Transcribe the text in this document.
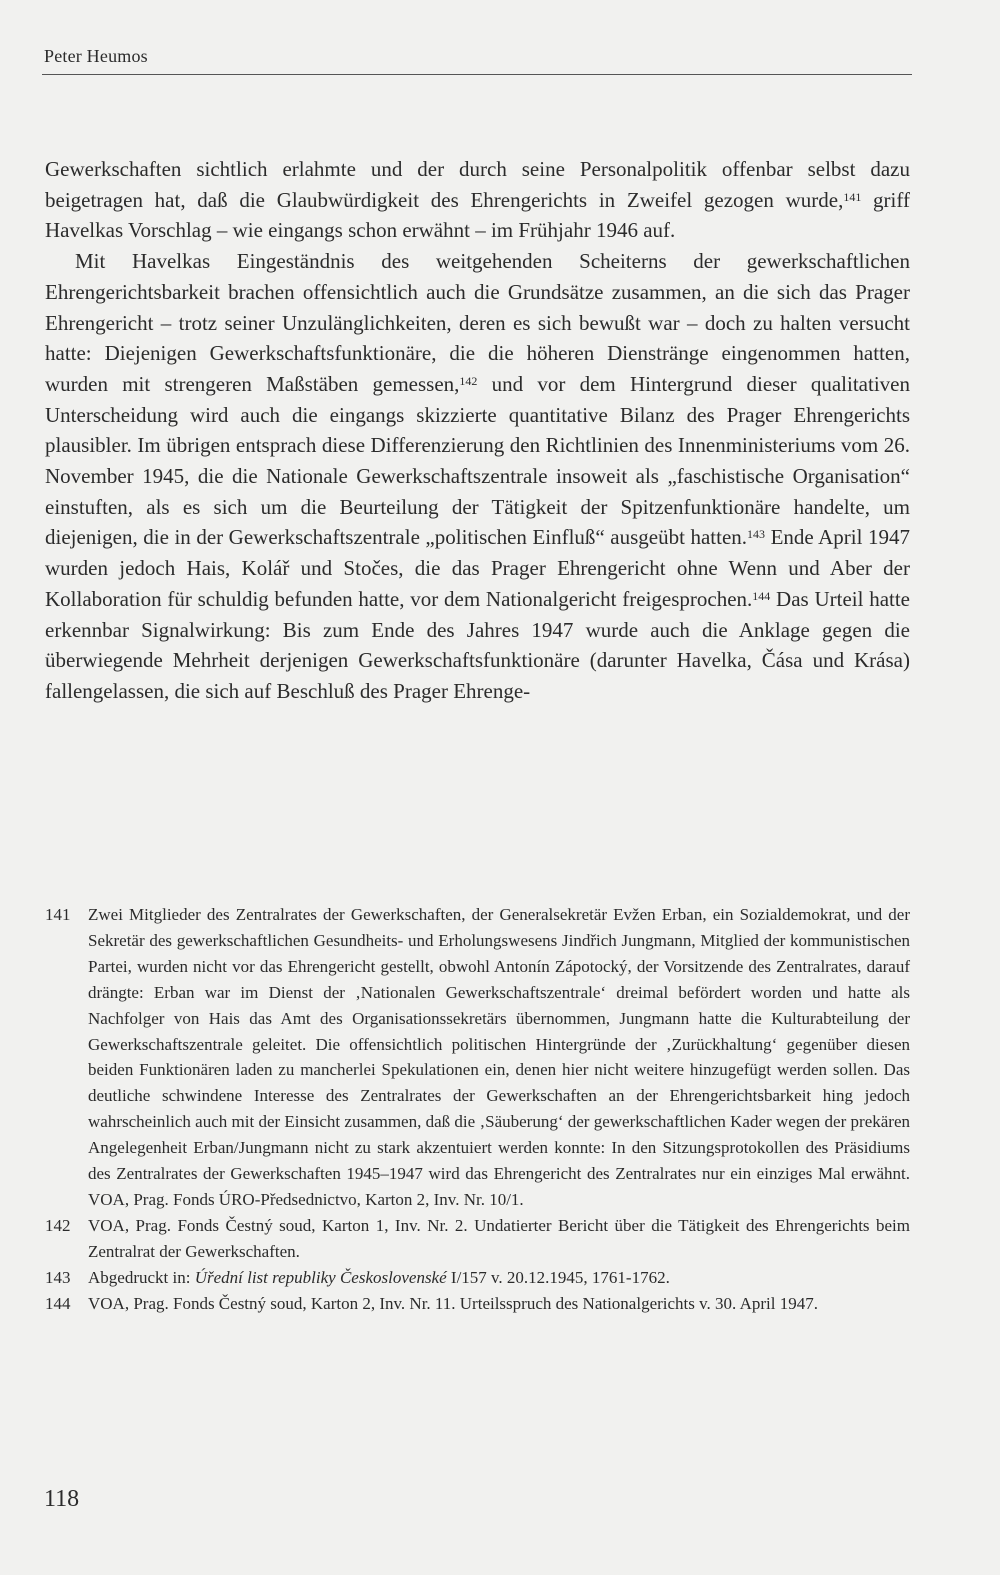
Peter Heumos

Gewerkschaften sichtlich erlahmte und der durch seine Personalpolitik offenbar selbst dazu beigetragen hat, daß die Glaubwürdigkeit des Ehrengerichts in Zweifel gezogen wurde,$^{141}$ griff Havelkas Vorschlag – wie eingangs schon erwähnt – im Frühjahr 1946 auf.

Mit Havelkas Eingeständnis des weitgehenden Scheiterns der gewerkschaftlichen Ehrengerichtsbarkeit brachen offensichtlich auch die Grundsätze zusammen, an die sich das Prager Ehrengericht – trotz seiner Unzulänglichkeiten, deren es sich bewußt war – doch zu halten versucht hatte: Diejenigen Gewerkschaftsfunktionäre, die die höheren Dienstränge eingenommen hatten, wurden mit strengeren Maßstäben gemessen,$^{142}$ und vor dem Hintergrund dieser qualitativen Unterscheidung wird auch die eingangs skizzierte quantitative Bilanz des Prager Ehrengerichts plausibler. Im übrigen entsprach diese Differenzierung den Richtlinien des Innenministeriums vom 26. November 1945, die die Nationale Gewerkschaftszentrale insoweit als „faschistische Organisation“ einstuften, als es sich um die Beurteilung der Tätigkeit der Spitzenfunktionäre handelte, um diejenigen, die in der Gewerkschaftszentrale „politischen Einfluß“ ausgeübt hatten.$^{143}$ Ende April 1947 wurden jedoch Hais, Kolář und Stočes, die das Prager Ehrengericht ohne Wenn und Aber der Kollaboration für schuldig befunden hatte, vor dem Nationalgericht freigesprochen.$^{144}$ Das Urteil hatte erkennbar Signalwirkung: Bis zum Ende des Jahres 1947 wurde auch die Anklage gegen die überwiegende Mehrheit derjenigen Gewerkschaftsfunktionäre (darunter Havelka, Čása und Krása) fallengelassen, die sich auf Beschluß des Prager Ehrenge-

141 Zwei Mitglieder des Zentralrates der Gewerkschaften, der Generalsekretär Evžen Erban, ein Sozialdemokrat, und der Sekretär des gewerkschaftlichen Gesundheits- und Erholungswesens Jindřich Jungmann, Mitglied der kommunistischen Partei, wurden nicht vor das Ehrengericht gestellt, obwohl Antonín Zápotocký, der Vorsitzende des Zentralrates, darauf drängte: Erban war im Dienst der ‚Nationalen Gewerkschaftszentrale‘ dreimal befördert worden und hatte als Nachfolger von Hais das Amt des Organisationssekretärs übernommen, Jungmann hatte die Kulturabteilung der Gewerkschaftszentrale geleitet. Die offensichtlich politischen Hintergründe der ‚Zurückhaltung‘ gegenüber diesen beiden Funktionären laden zu mancherlei Spekulationen ein, denen hier nicht weitere hinzugefügt werden sollen. Das deutliche schwindene Interesse des Zentralrates der Gewerkschaften an der Ehrengerichtsbarkeit hing jedoch wahrscheinlich auch mit der Einsicht zusammen, daß die ‚Säuberung‘ der gewerkschaftlichen Kader wegen der prekären Angelegenheit Erban/Jungmann nicht zu stark akzentuiert werden konnte: In den Sitzungsprotokollen des Präsidiums des Zentralrates der Gewerkschaften 1945–1947 wird das Ehrengericht des Zentralrates nur ein einziges Mal erwähnt. VOA, Prag. Fonds ÚRO-Předsednictvo, Karton 2, Inv. Nr. 10/1.
142 VOA, Prag. Fonds Čestný soud, Karton 1, Inv. Nr. 2. Undatierter Bericht über die Tätigkeit des Ehrengerichts beim Zentralrat der Gewerkschaften.
143 Abgedruckt in: Úřední list republiky Československé I/157 v. 20.12.1945, 1761-1762.
144 VOA, Prag. Fonds Čestný soud, Karton 2, Inv. Nr. 11. Urteilsspruch des Nationalgerichts v. 30. April 1947.
118
